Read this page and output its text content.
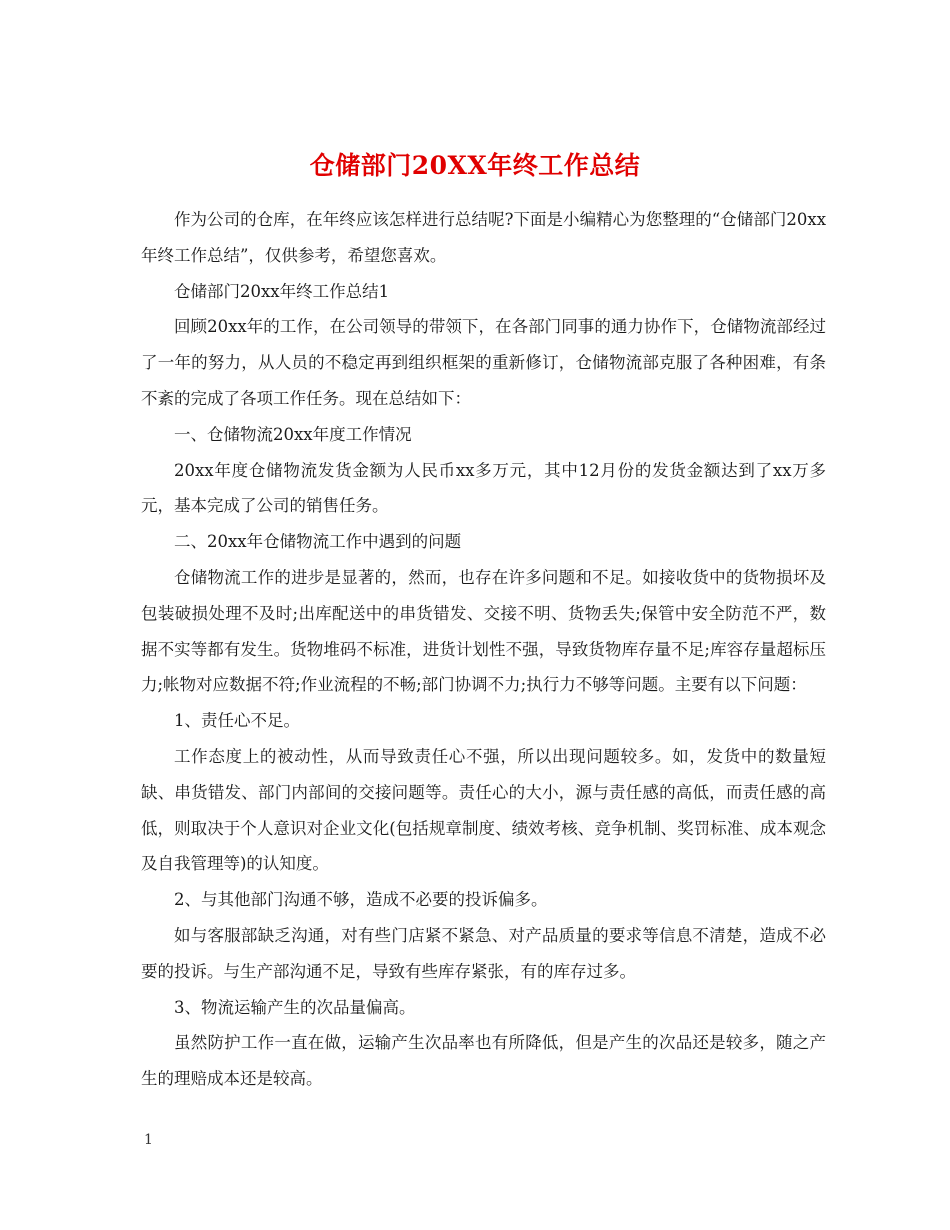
仓储部门20XX年终工作总结

作为公司的仓库，在年终应该怎样进行总结呢?下面是小编精心为您整理的“仓储部门20xx年终工作总结”，仅供参考，希望您喜欢。

仓储部门20xx年终工作总结1

回顾20xx年的工作，在公司领导的带领下，在各部门同事的通力协作下，仓储物流部经过了一年的努力，从人员的不稳定再到组织框架的重新修订，仓储物流部克服了各种困难，有条不紊的完成了各项工作任务。现在总结如下：

一、仓储物流20xx年度工作情况

20xx年度仓储物流发货金额为人民币xx多万元，其中12月份的发货金额达到了xx万多元，基本完成了公司的销售任务。

二、20xx年仓储物流工作中遇到的问题

仓储物流工作的进步是显著的，然而，也存在许多问题和不足。如接收货中的货物损坏及包装破损处理不及时;出库配送中的串货错发、交接不明、货物丢失;保管中安全防范不严，数据不实等都有发生。货物堆码不标准，进货计划性不强，导致货物库存量不足;库容存量超标压力;帐物对应数据不符;作业流程的不畅;部门协调不力;执行力不够等问题。主要有以下问题：

1、责任心不足。

工作态度上的被动性，从而导致责任心不强，所以出现问题较多。如，发货中的数量短缺、串货错发、部门内部间的交接问题等。责任心的大小，源与责任感的高低，而责任感的高低，则取决于个人意识对企业文化(包括规章制度、绩效考核、竞争机制、奖罚标准、成本观念及自我管理等)的认知度。

2、与其他部门沟通不够，造成不必要的投诉偏多。

如与客服部缺乏沟通，对有些门店紧不紧急、对产品质量的要求等信息不清楚，造成不必要的投诉。与生产部沟通不足，导致有些库存紧张，有的库存过多。

3、物流运输产生的次品量偏高。

虽然防护工作一直在做，运输产生次品率也有所降低，但是产生的次品还是较多，随之产生的理赔成本还是较高。

1
